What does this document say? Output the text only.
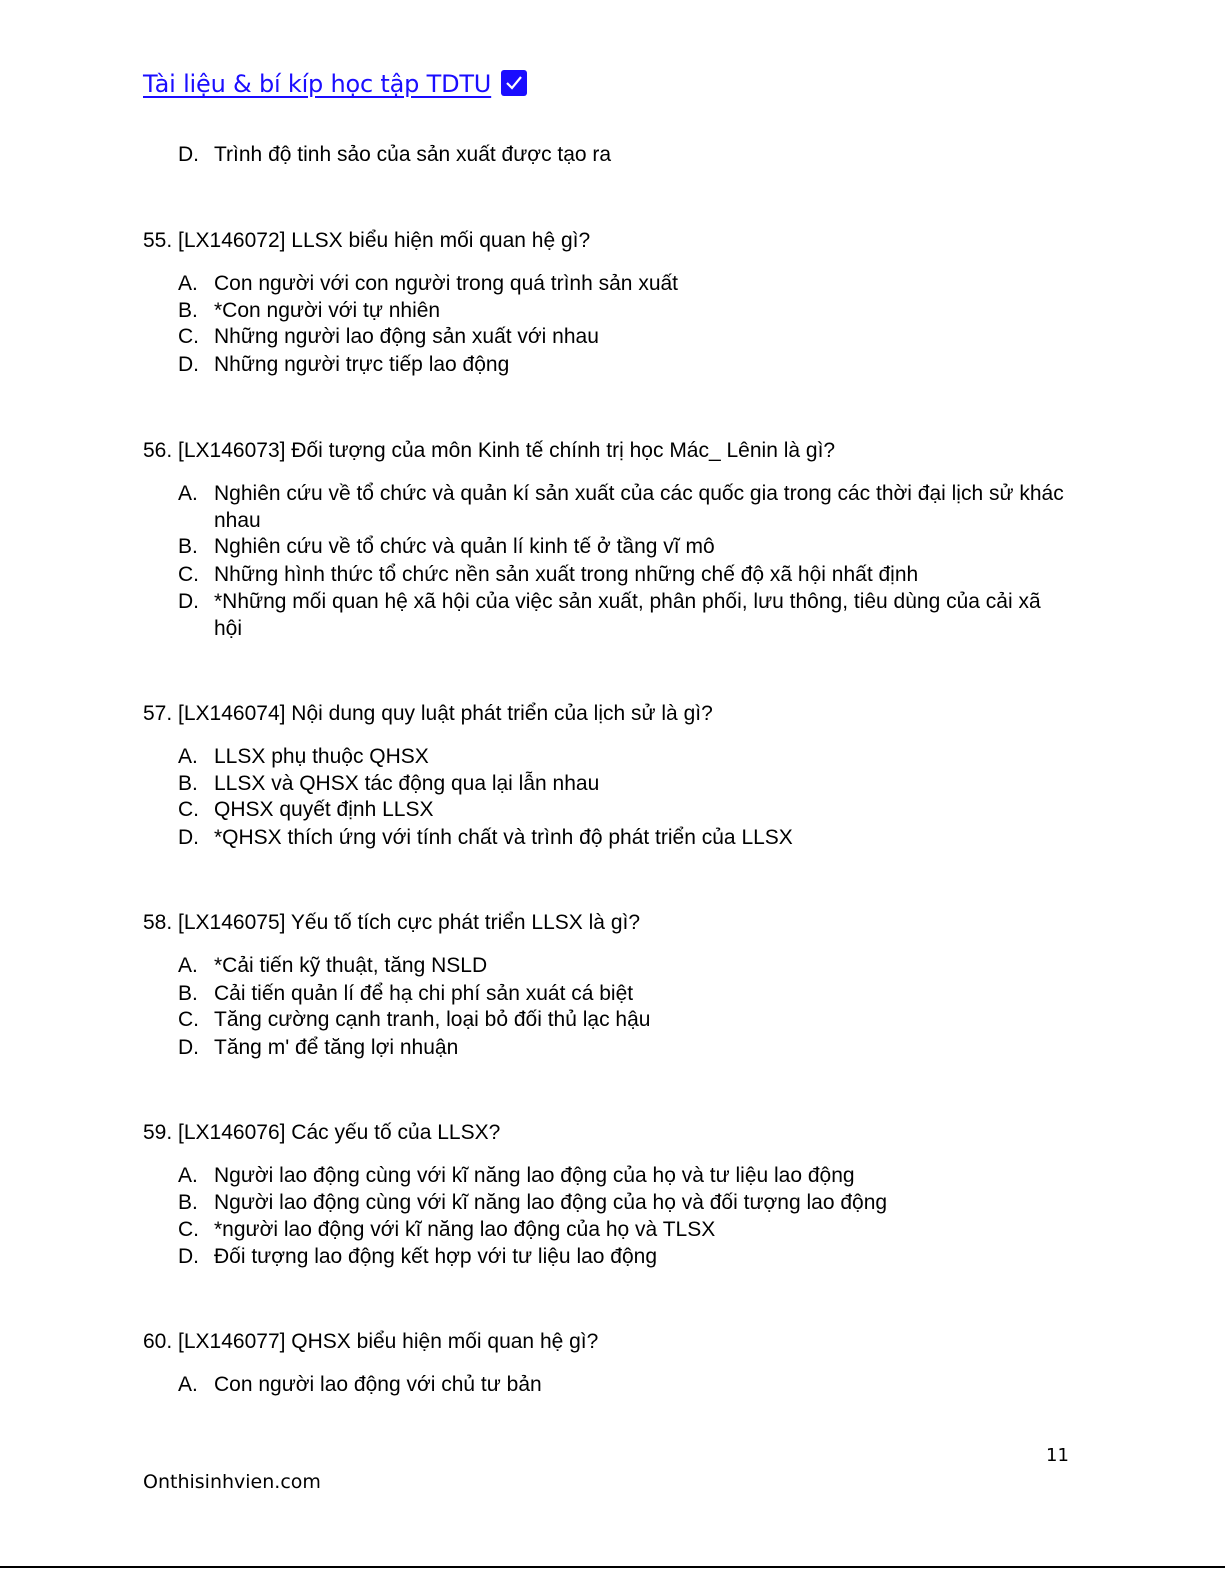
Tài liệu & bí kíp học tập TDTU
D. Trình độ tinh sảo của sản xuất được tạo ra
55. [LX146072] LLSX biểu hiện mối quan hệ gì?
A. Con người với con người trong quá trình sản xuất
B. *Con người với tự nhiên
C. Những người lao động sản xuất với nhau
D. Những người trực tiếp lao động
56. [LX146073] Đối tượng của môn Kinh tế chính trị học Mác_ Lênin là gì?
A. Nghiên cứu về tổ chức và quản kí sản xuất của các quốc gia trong các thời đại lịch sử khác nhau
B. Nghiên cứu về tổ chức và quản lí kinh tế ở tầng vĩ mô
C. Những hình thức tổ chức nền sản xuất trong những chế độ xã hội nhất định
D. *Những mối quan hệ xã hội của việc sản xuất, phân phối, lưu thông, tiêu dùng của cải xã hội
57. [LX146074] Nội dung quy luật phát triển của lịch sử là gì?
A. LLSX phụ thuộc QHSX
B. LLSX và QHSX tác động qua lại lẫn nhau
C. QHSX quyết định LLSX
D. *QHSX thích ứng với tính chất và trình độ phát triển của LLSX
58. [LX146075] Yếu tố tích cực phát triển LLSX là gì?
A. *Cải tiến kỹ thuật, tăng NSLD
B. Cải tiến quản lí để hạ chi phí sản xuát cá biệt
C. Tăng cường cạnh tranh, loại bỏ đối thủ lạc hậu
D. Tăng m' để tăng lợi nhuận
59. [LX146076] Các yếu tố của LLSX?
A. Người lao động cùng với kĩ năng lao động của họ và tư liệu lao động
B. Người lao động cùng với kĩ năng lao động của họ và đối tượng lao động
C. *người lao động với kĩ năng lao động của họ và TLSX
D. Đối tượng lao động kết hợp với tư liệu lao động
60. [LX146077] QHSX biểu hiện mối quan hệ gì?
A. Con người lao động với chủ tư bản
11
Onthisinhvien.com
